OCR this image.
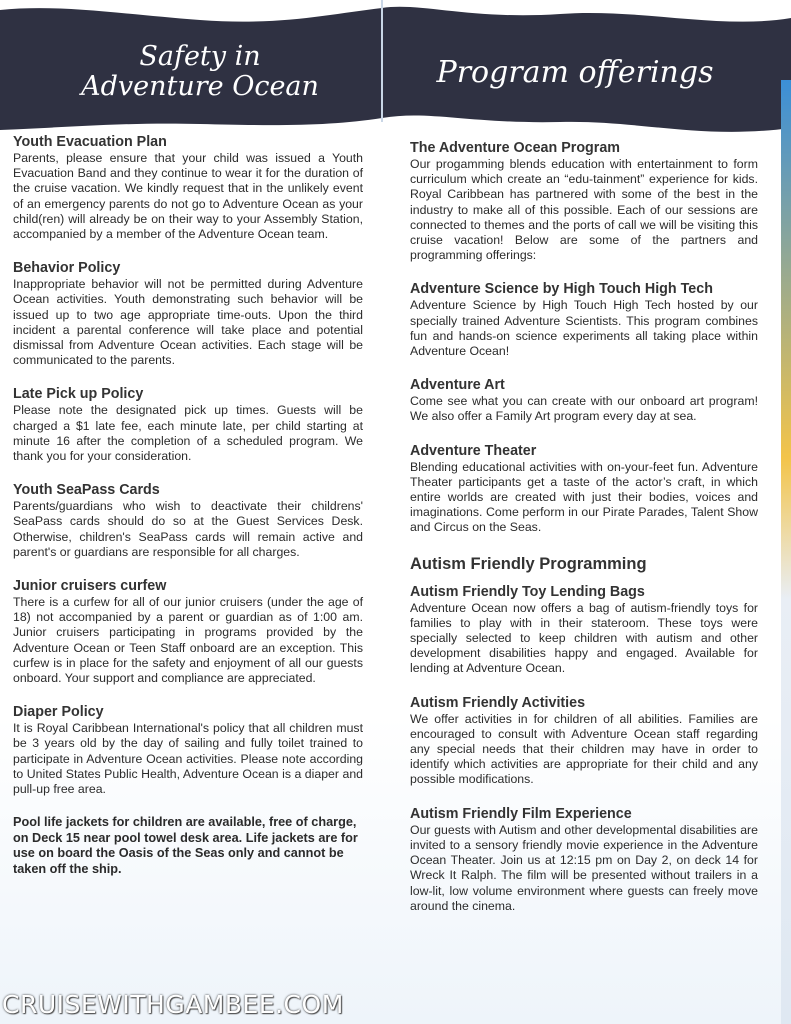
Safety in
Adventure Ocean	Program offerings
Youth Evacuation Plan

Parents, please ensure that your child was issued a Youth Evacuation Band and they continue to wear it for the duration of the cruise vacation. We kindly request that in the unlikely event of an emergency parents do not go to Adventure Ocean as your child(ren) will already be on their way to your Assembly Station, accompanied by a member of the Adventure Ocean team.

Behavior Policy

Inappropriate behavior will not be permitted during Adventure Ocean activities. Youth demonstrating such behavior will be issued up to two age appropriate time-outs. Upon the third incident a parental conference will take place and potential dismissal from Adventure Ocean activities. Each stage will be communicated to the parents.

Late Pick up Policy

Please note the designated pick up times. Guests will be charged a $1 late fee, each minute late, per child starting at minute 16 after the completion of a scheduled program. We thank you for your consideration.

Youth SeaPass Cards

Parents/guardians who wish to deactivate their childrens' SeaPass cards should do so at the Guest Services Desk. Otherwise, children's SeaPass cards will remain active and parent's or guardians are responsible for all charges.

Junior cruisers curfew

There is a curfew for all of our junior cruisers (under the age of 18) not accompanied by a parent or guardian as of 1:00 am. Junior cruisers participating in programs provided by the Adventure Ocean or Teen Staff onboard are an exception. This curfew is in place for the safety and enjoyment of all our guests onboard. Your support and compliance are appreciated.

Diaper Policy

It is Royal Caribbean International's policy that all children must be 3 years old by the day of sailing and fully toilet trained to participate in Adventure Ocean activities. Please note according to United States Public Health, Adventure Ocean is a diaper and pull-up free area.

Pool life jackets for children are available, free of charge, on Deck 15 near pool towel desk area. Life jackets are for use on board the Oasis of the Seas only and cannot be taken off the ship.

The Adventure Ocean Program

Our progamming blends education with entertainment to form curriculum which create an “edu-tainment” experience for kids. Royal Caribbean has partnered with some of the best in the industry to make all of this possible. Each of our sessions are connected to themes and the ports of call we will be visiting this cruise vacation! Below are some of the partners and programming offerings:

Adventure Science by High Touch High Tech

Adventure Science by High Touch High Tech hosted by our specially trained Adventure Scientists. This program combines fun and hands-on science experiments all taking place within Adventure Ocean!

Adventure Art

Come see what you can create with our onboard art program! We also offer a Family Art program every day at sea.

Adventure Theater

Blending educational activities with on-your-feet fun. Adventure Theater participants get a taste of the actor’s craft, in which entire worlds are created with just their bodies, voices and imaginations. Come perform in our Pirate Parades, Talent Show and Circus on the Seas.

Autism Friendly Programming
Autism Friendly Toy Lending Bags

Adventure Ocean now offers a bag of autism-friendly toys for families to play with in their stateroom. These toys were specially selected to keep children with autism and other development disabilities happy and engaged. Available for lending at Adventure Ocean.

Autism Friendly Activities

We offer activities in for children of all abilities. Families are encouraged to consult with Adventure Ocean staff regarding any special needs that their children may have in order to identify which activities are appropriate for their child and any possible modifications.

Autism Friendly Film Experience

Our guests with Autism and other developmental disabilities are invited to a sensory friendly movie experience in the Adventure Ocean Theater. Join us at 12:15 pm on Day 2, on deck 14 for Wreck It Ralph. The film will be presented without trailers in a low-lit, low volume environment where guests can freely move around the cinema.

CRUISEWITHGAMBEE.COM
